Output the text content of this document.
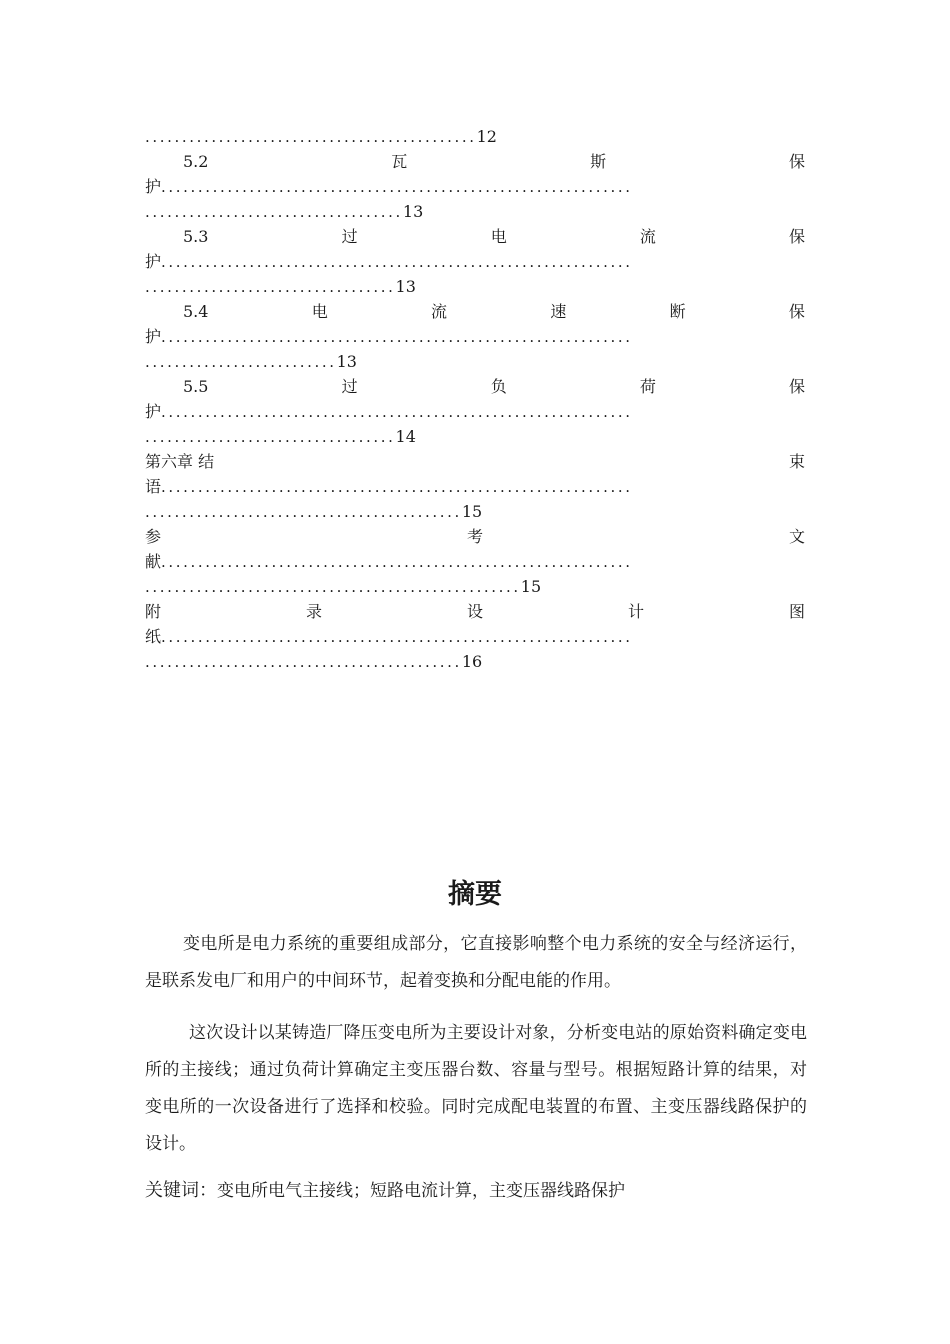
.............................................12
5.2	瓦	斯	保
护................................................................
...................................13
5.3	过	电	流	保
护................................................................
..................................13
5.4	电	流	速	断	保
护................................................................
..........................13
5.5	过	负	荷	保
护................................................................
..................................14
第六章 结	束
语................................................................
...........................................15
参	考	文
献................................................................
...................................................15
附	录	设	计	图
纸................................................................
...........................................16
摘要
变电所是电力系统的重要组成部分，它直接影响整个电力系统的安全与经济运行，是联系发电厂和用户的中间环节，起着变换和分配电能的作用。
这次设计以某铸造厂降压变电所为主要设计对象，分析变电站的原始资料确定变电所的主接线；通过负荷计算确定主变压器台数、容量与型号。根据短路计算的结果，对变电所的一次设备进行了选择和校验。同时完成配电装置的布置、主变压器线路保护的设计。
关键词：变电所电气主接线；短路电流计算，主变压器线路保护
